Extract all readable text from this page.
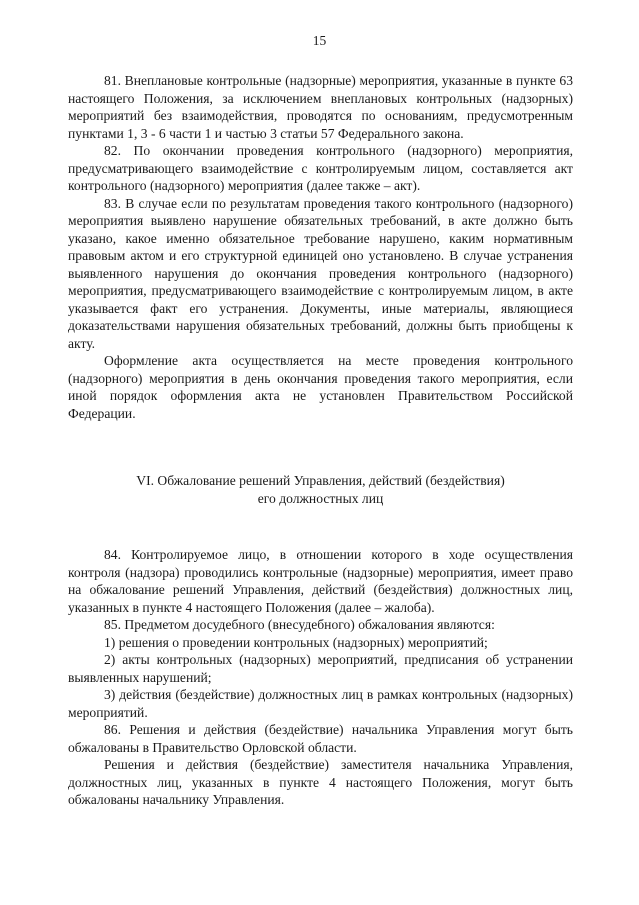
15

81. Внеплановые контрольные (надзорные) мероприятия, указанные в пункте 63 настоящего Положения, за исключением внеплановых контрольных (надзорных) мероприятий без взаимодействия, проводятся по основаниям, предусмотренным пунктами 1, 3 - 6 части 1 и частью 3 статьи 57 Федерального закона.

82. По окончании проведения контрольного (надзорного) мероприятия, предусматривающего взаимодействие с контролируемым лицом, составляется акт контрольного (надзорного) мероприятия (далее также – акт).

83. В случае если по результатам проведения такого контрольного (надзорного) мероприятия выявлено нарушение обязательных требований, в акте должно быть указано, какое именно обязательное требование нарушено, каким нормативным правовым актом и его структурной единицей оно установлено. В случае устранения выявленного нарушения до окончания проведения контрольного (надзорного) мероприятия, предусматривающего взаимодействие с контролируемым лицом, в акте указывается факт его устранения. Документы, иные материалы, являющиеся доказательствами нарушения обязательных требований, должны быть приобщены к акту.

Оформление акта осуществляется на месте проведения контрольного (надзорного) мероприятия в день окончания проведения такого мероприятия, если иной порядок оформления акта не установлен Правительством Российской Федерации.

VI. Обжалование решений Управления, действий (бездействия)
его должностных лиц

84. Контролируемое лицо, в отношении которого в ходе осуществления контроля (надзора) проводились контрольные (надзорные) мероприятия, имеет право на обжалование решений Управления, действий (бездействия) должностных лиц, указанных в пункте 4 настоящего Положения (далее – жалоба).

85. Предметом досудебного (внесудебного) обжалования являются:

1) решения о проведении контрольных (надзорных) мероприятий;

2) акты контрольных (надзорных) мероприятий, предписания об устранении выявленных нарушений;

3) действия (бездействие) должностных лиц в рамках контрольных (надзорных) мероприятий.

86. Решения и действия (бездействие) начальника Управления могут быть обжалованы в Правительство Орловской области.

Решения и действия (бездействие) заместителя начальника Управления, должностных лиц, указанных в пункте 4 настоящего Положения, могут быть обжалованы начальнику Управления.
